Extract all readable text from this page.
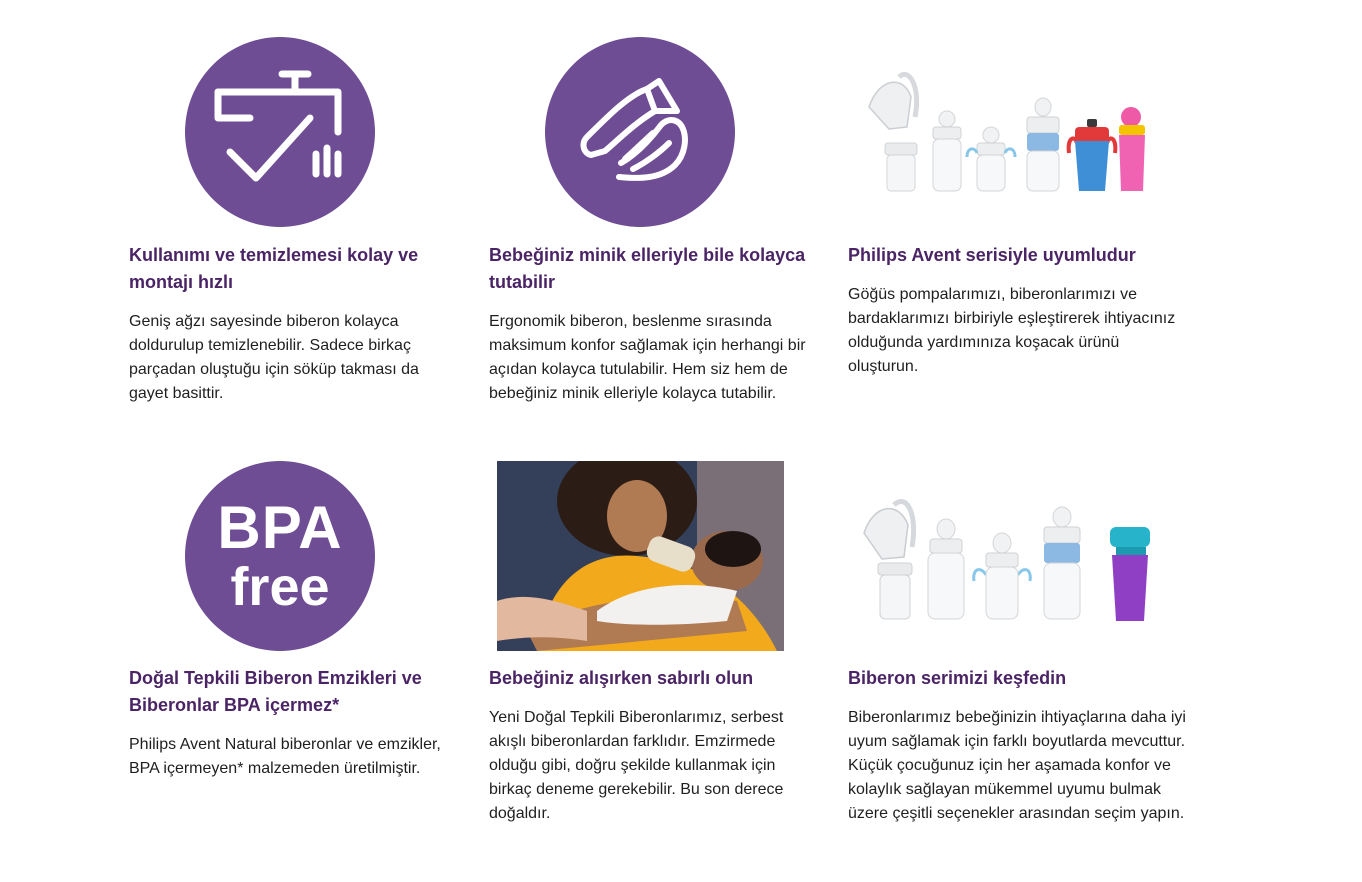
Kullanımı ve temizlemesi kolay ve montajı hızlı

Geniş ağzı sayesinde biberon kolayca doldurulup temizlenebilir. Sadece birkaç parçadan oluştuğu için söküp takması da gayet basittir.

Bebeğiniz minik elleriyle bile kolayca tutabilir

Ergonomik biberon, beslenme sırasında maksimum konfor sağlamak için herhangi bir açıdan kolayca tutulabilir. Hem siz hem de bebeğiniz minik elleriyle kolayca tutabilir.

Philips Avent serisiyle uyumludur

Göğüs pompalarımızı, biberonlarımızı ve bardaklarımızı birbiriyle eşleştirerek ihtiyacınız olduğunda yardımınıza koşacak ürünü oluşturun.

BPA
free
Doğal Tepkili Biberon Emzikleri ve Biberonlar BPA içermez*

Philips Avent Natural biberonlar ve emzikler, BPA içermeyen* malzemeden üretilmiştir.

Bebeğiniz alışırken sabırlı olun

Yeni Doğal Tepkili Biberonlarımız, serbest akışlı biberonlardan farklıdır. Emzirmede olduğu gibi, doğru şekilde kullanmak için birkaç deneme gerekebilir. Bu son derece doğaldır.

Biberon serimizi keşfedin

Biberonlarımız bebeğinizin ihtiyaçlarına daha iyi uyum sağlamak için farklı boyutlarda mevcuttur. Küçük çocuğunuz için her aşamada konfor ve kolaylık sağlayan mükemmel uyumu bulmak üzere çeşitli seçenekler arasından seçim yapın.
